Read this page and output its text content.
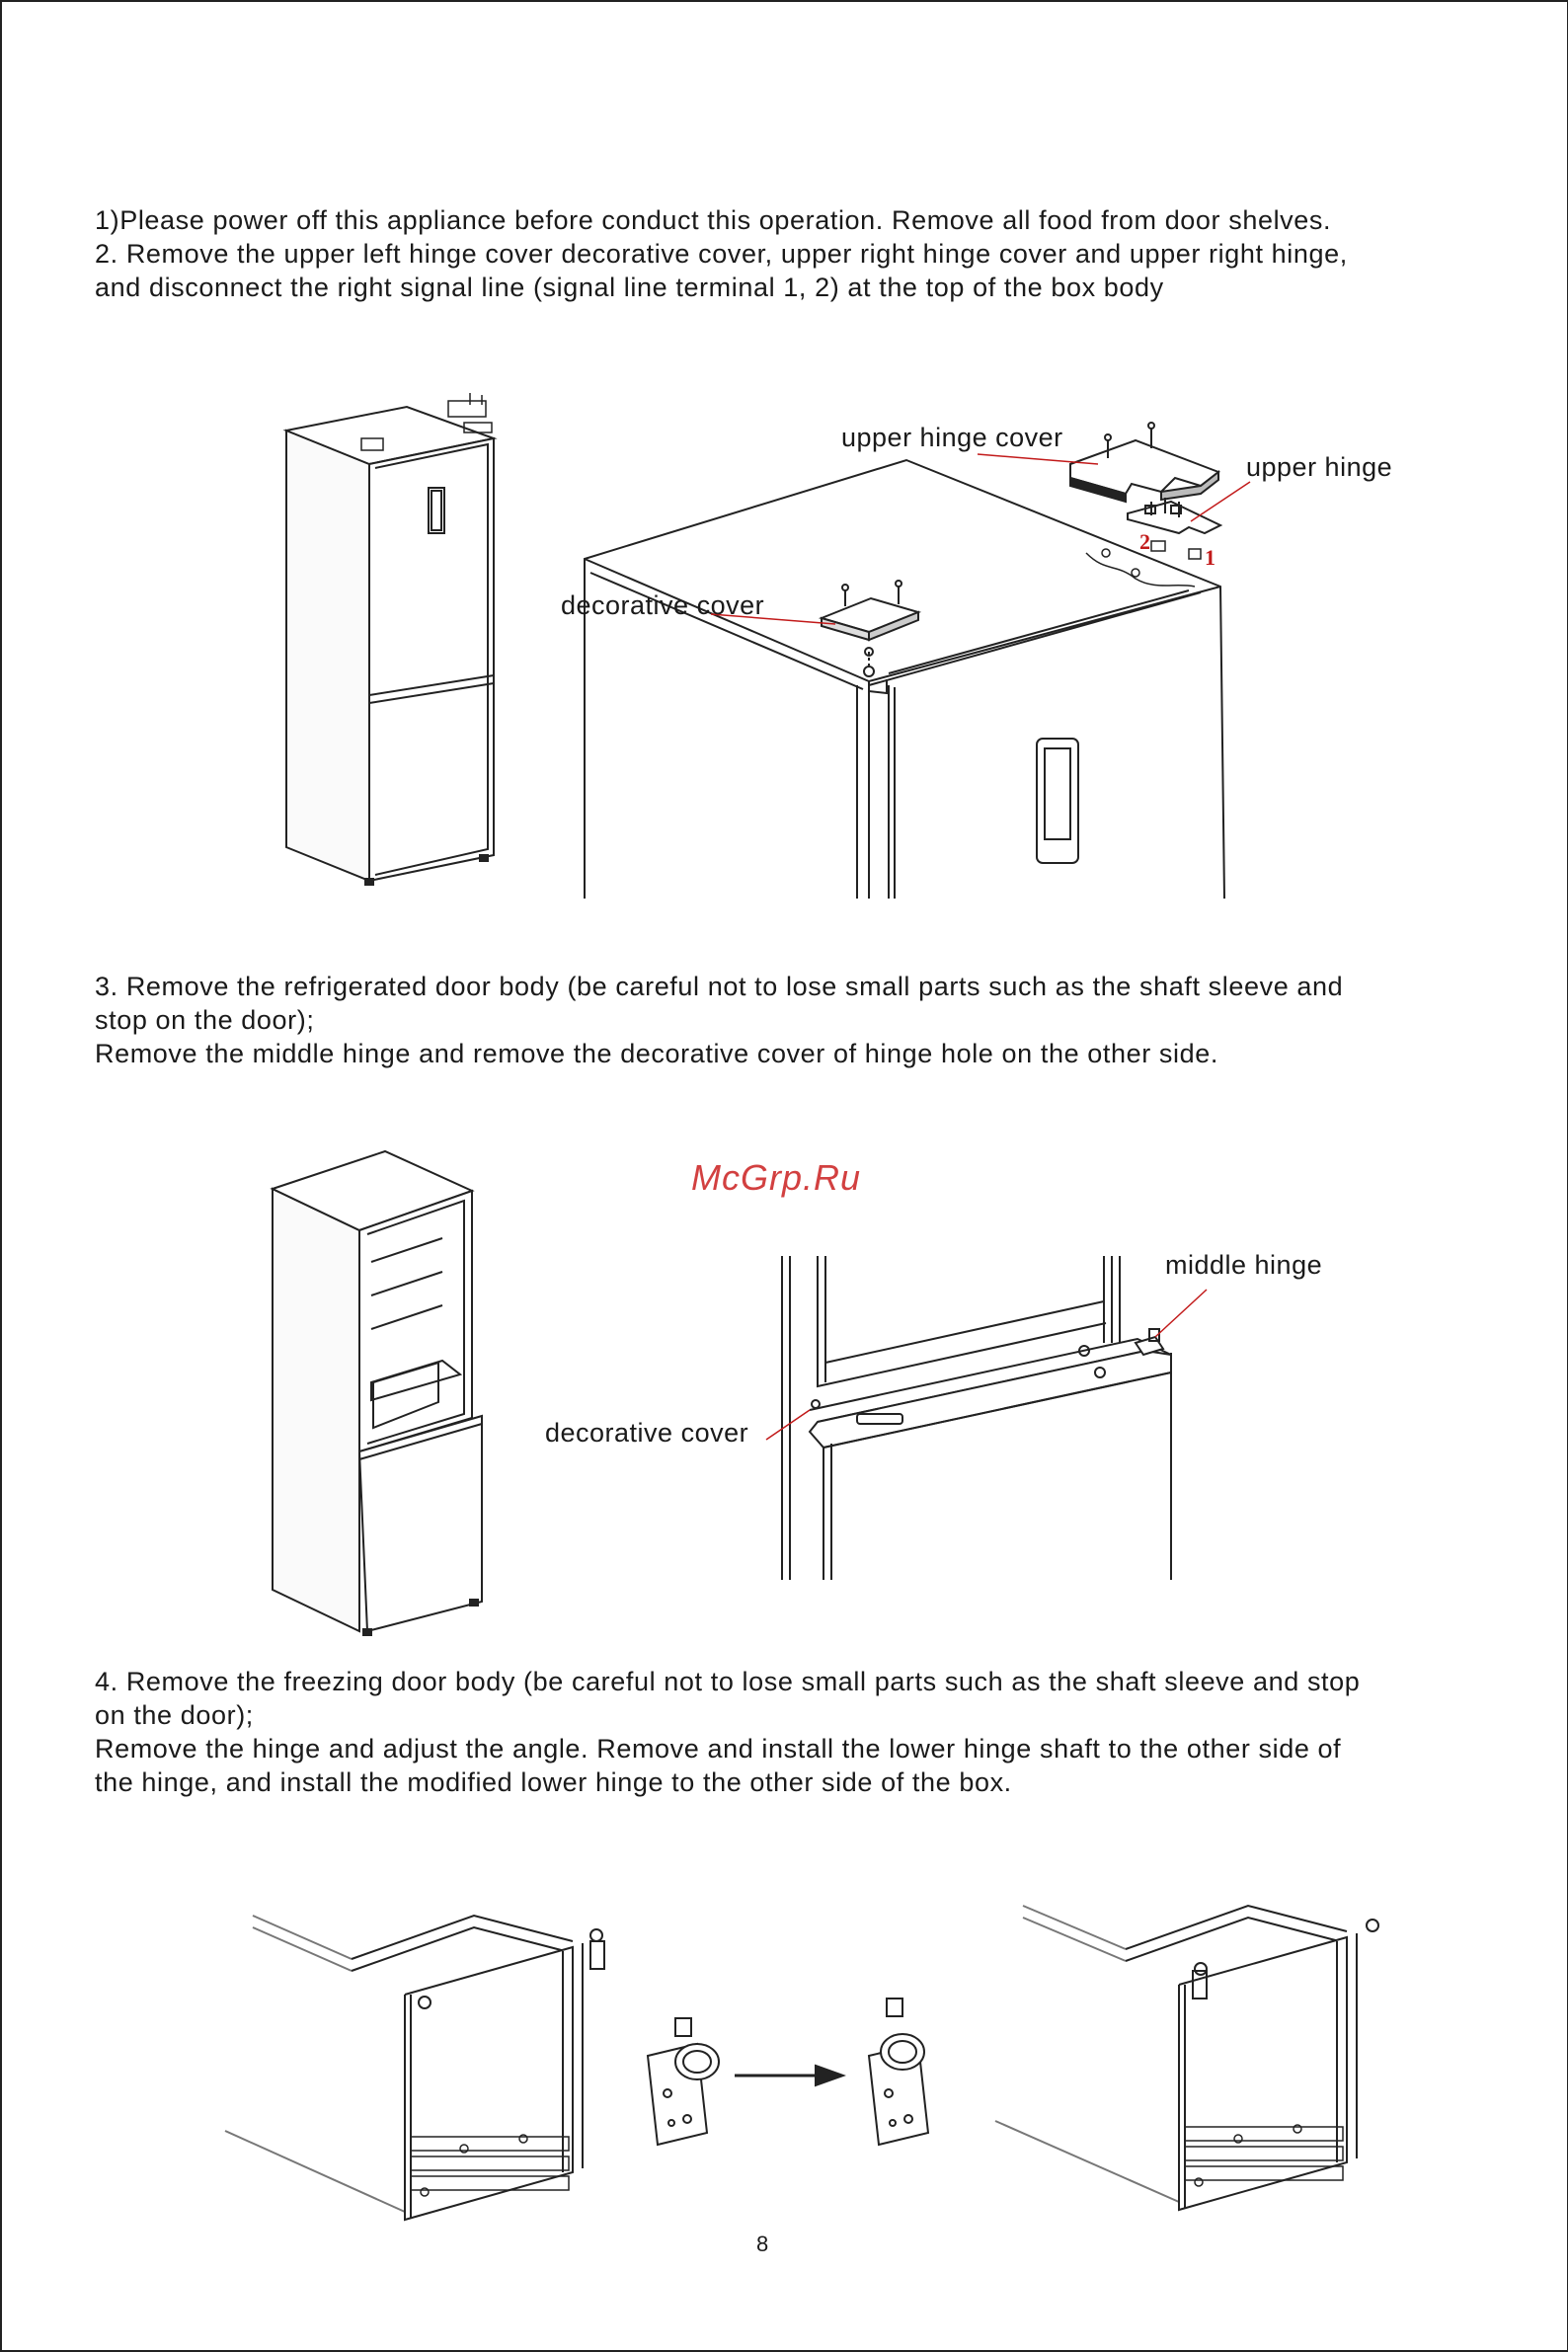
1)Please power off this appliance before conduct this operation. Remove all food from door shelves.

2. Remove the upper left hinge cover decorative cover, upper right hinge cover and upper right hinge,

and disconnect the right signal line (signal line terminal 1, 2) at the top of the box body

upper hinge cover
upper hinge
decorative cover
2
1

3. Remove the refrigerated door body (be careful not to lose small parts such as the shaft sleeve and

stop on the door);

Remove the middle hinge and remove the decorative cover of hinge hole on the other side.

McGrp.Ru
middle hinge
decorative cover

4. Remove the freezing door body (be careful not to lose small parts such as the shaft sleeve and stop

on the door);

Remove the hinge and adjust the angle. Remove and install the lower hinge shaft to the other side of

the hinge, and install the modified lower hinge to the other side of the box.

8
